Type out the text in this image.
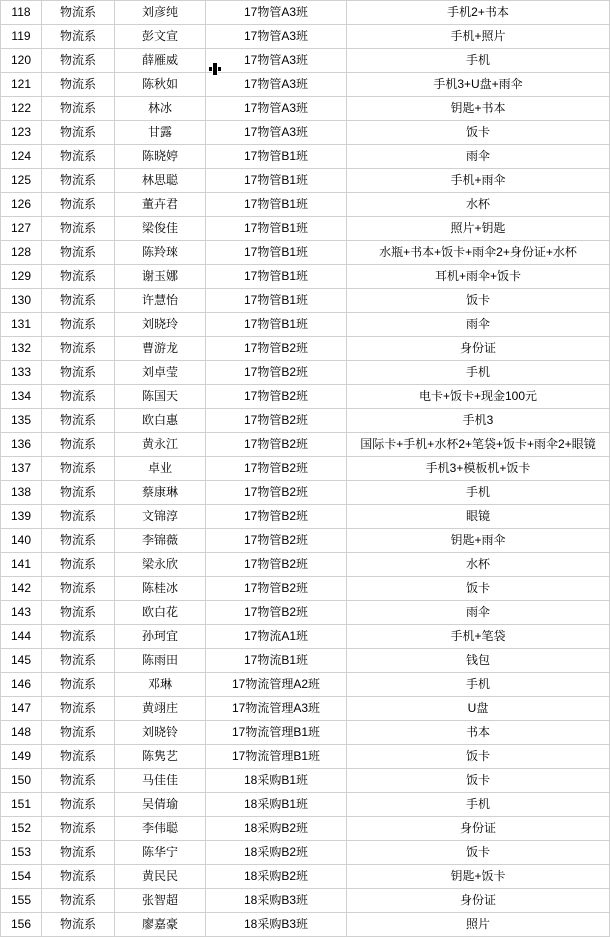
118	物流系	刘彦纯	17物管A3班	手机2+书本
119	物流系	彭文宣	17物管A3班	手机+照片
120	物流系	薛雁威	17物管A3班	手机
121	物流系	陈秋如	17物管A3班	手机3+U盘+雨伞
122	物流系	林冰	17物管A3班	钥匙+书本
123	物流系	甘露	17物管A3班	饭卡
124	物流系	陈晓婷	17物管B1班	雨伞
125	物流系	林思聪	17物管B1班	手机+雨伞
126	物流系	董卉君	17物管B1班	水杯
127	物流系	梁俊佳	17物管B1班	照片+钥匙
128	物流系	陈羚琜	17物管B1班	水瓶+书本+饭卡+雨伞2+身份证+水杯
129	物流系	谢玉娜	17物管B1班	耳机+雨伞+饭卡
130	物流系	许慧怡	17物管B1班	饭卡
131	物流系	刘晓玲	17物管B1班	雨伞
132	物流系	曹游龙	17物管B2班	身份证
133	物流系	刘卓莹	17物管B2班	手机
134	物流系	陈国天	17物管B2班	电卡+饭卡+现金100元
135	物流系	欧白惠	17物管B2班	手机3
136	物流系	黄永江	17物管B2班	国际卡+手机+水杯2+笔袋+饭卡+雨伞2+眼镜
137	物流系	卓业	17物管B2班	手机3+模板机+饭卡
138	物流系	蔡康琳	17物管B2班	手机
139	物流系	文锦淳	17物管B2班	眼镜
140	物流系	李锦薇	17物管B2班	钥匙+雨伞
141	物流系	梁永欣	17物管B2班	水杯
142	物流系	陈桂冰	17物管B2班	饭卡
143	物流系	欧白花	17物管B2班	雨伞
144	物流系	孙珂宜	17物流A1班	手机+笔袋
145	物流系	陈雨田	17物流B1班	钱包
146	物流系	邓琳	17物流管理A2班	手机
147	物流系	黄翊庄	17物流管理A3班	U盘
148	物流系	刘晓铃	17物流管理B1班	书本
149	物流系	陈隽艺	17物流管理B1班	饭卡
150	物流系	马佳佳	18采购B1班	饭卡
151	物流系	吴倩瑜	18采购B1班	手机
152	物流系	李伟聪	18采购B2班	身份证
153	物流系	陈华宁	18采购B2班	饭卡
154	物流系	黄民民	18采购B2班	钥匙+饭卡
155	物流系	张智超	18采购B3班	身份证
156	物流系	廖嘉豪	18采购B3班	照片
